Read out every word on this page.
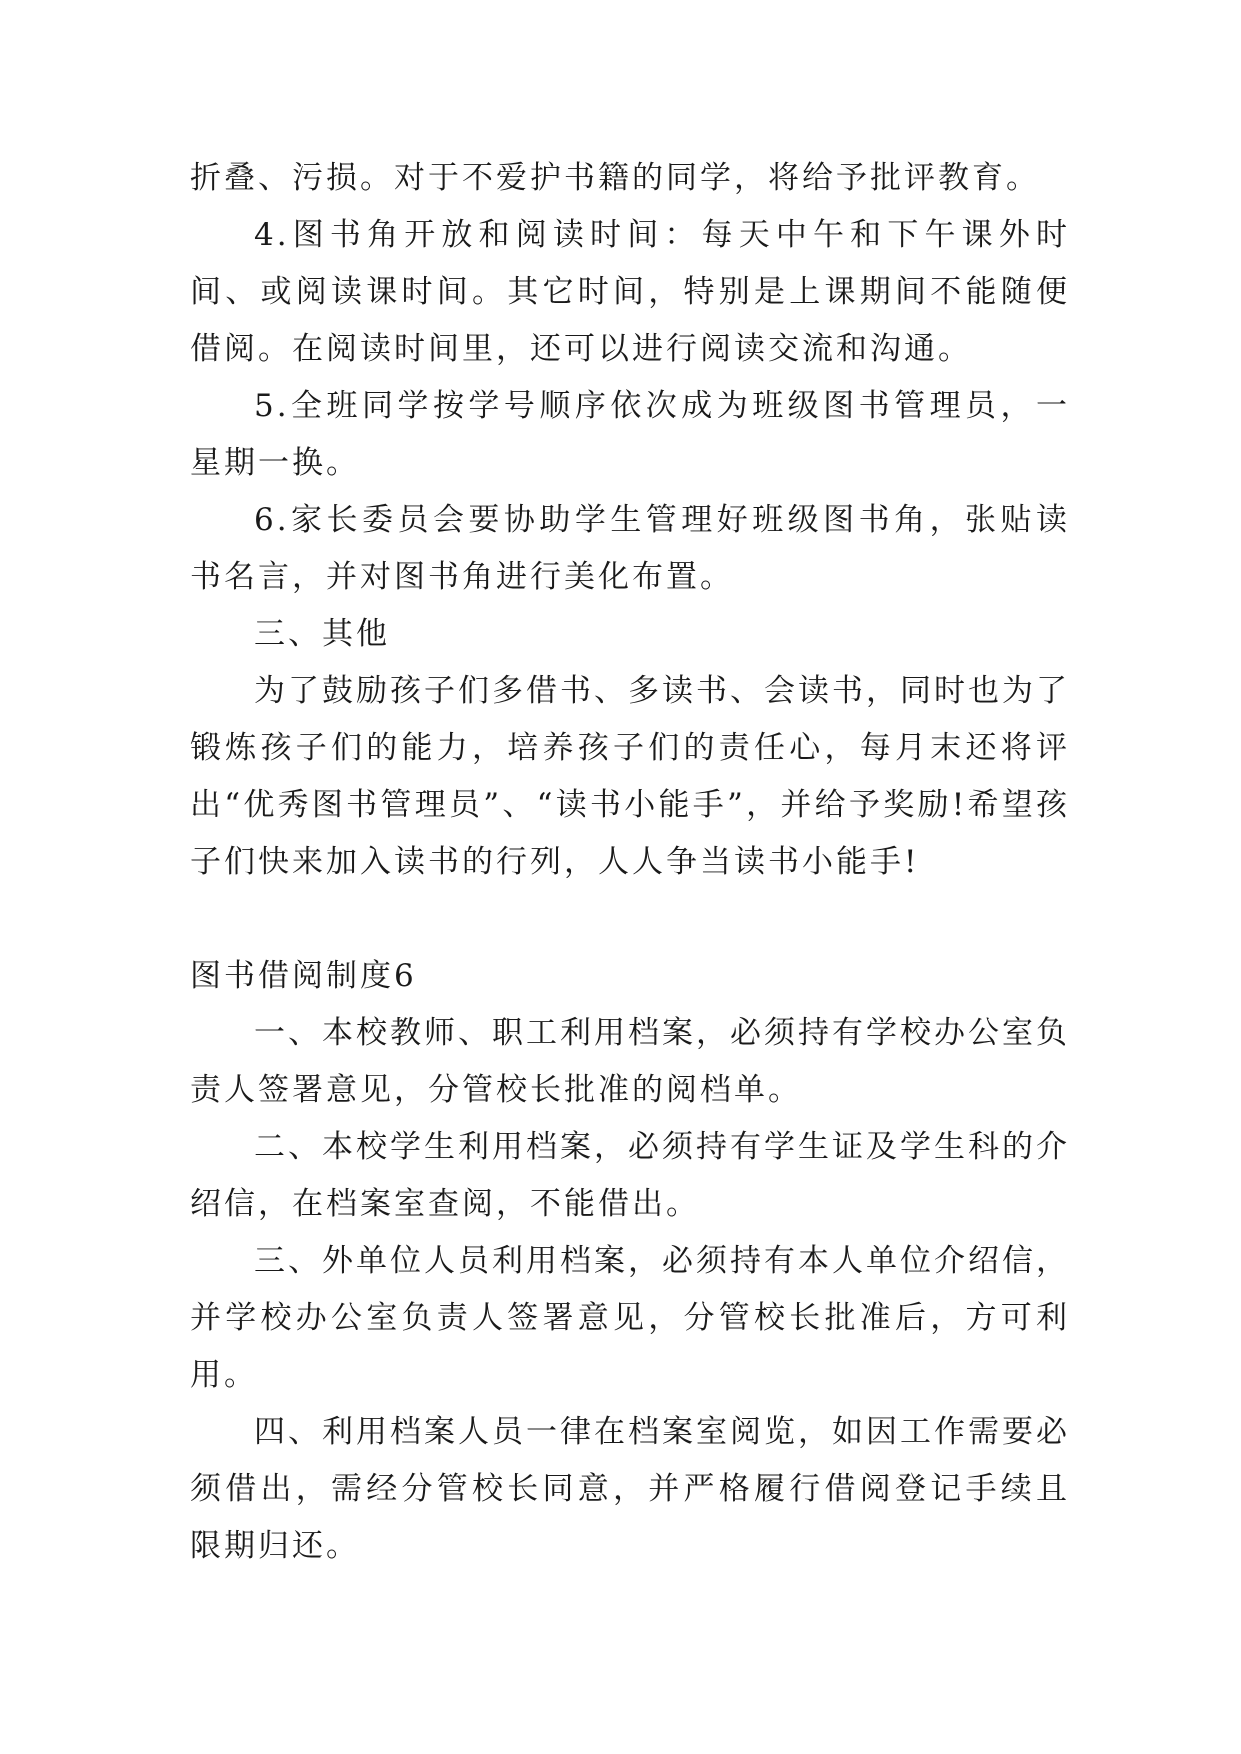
折叠、污损。对于不爱护书籍的同学，将给予批评教育。

4.图书角开放和阅读时间：每天中午和下午课外时间、或阅读课时间。其它时间，特别是上课期间不能随便借阅。在阅读时间里，还可以进行阅读交流和沟通。

5.全班同学按学号顺序依次成为班级图书管理员，一星期一换。

6.家长委员会要协助学生管理好班级图书角，张贴读书名言，并对图书角进行美化布置。

三、其他

为了鼓励孩子们多借书、多读书、会读书，同时也为了锻炼孩子们的能力，培养孩子们的责任心，每月末还将评出“优秀图书管理员”、“读书小能手”，并给予奖励!希望孩子们快来加入读书的行列，人人争当读书小能手!

图书借阅制度6

一、本校教师、职工利用档案，必须持有学校办公室负责人签署意见，分管校长批准的阅档单。

二、本校学生利用档案，必须持有学生证及学生科的介绍信，在档案室查阅，不能借出。

三、外单位人员利用档案，必须持有本人单位介绍信，并学校办公室负责人签署意见，分管校长批准后，方可利用。

四、利用档案人员一律在档案室阅览，如因工作需要必须借出，需经分管校长同意，并严格履行借阅登记手续且限期归还。
